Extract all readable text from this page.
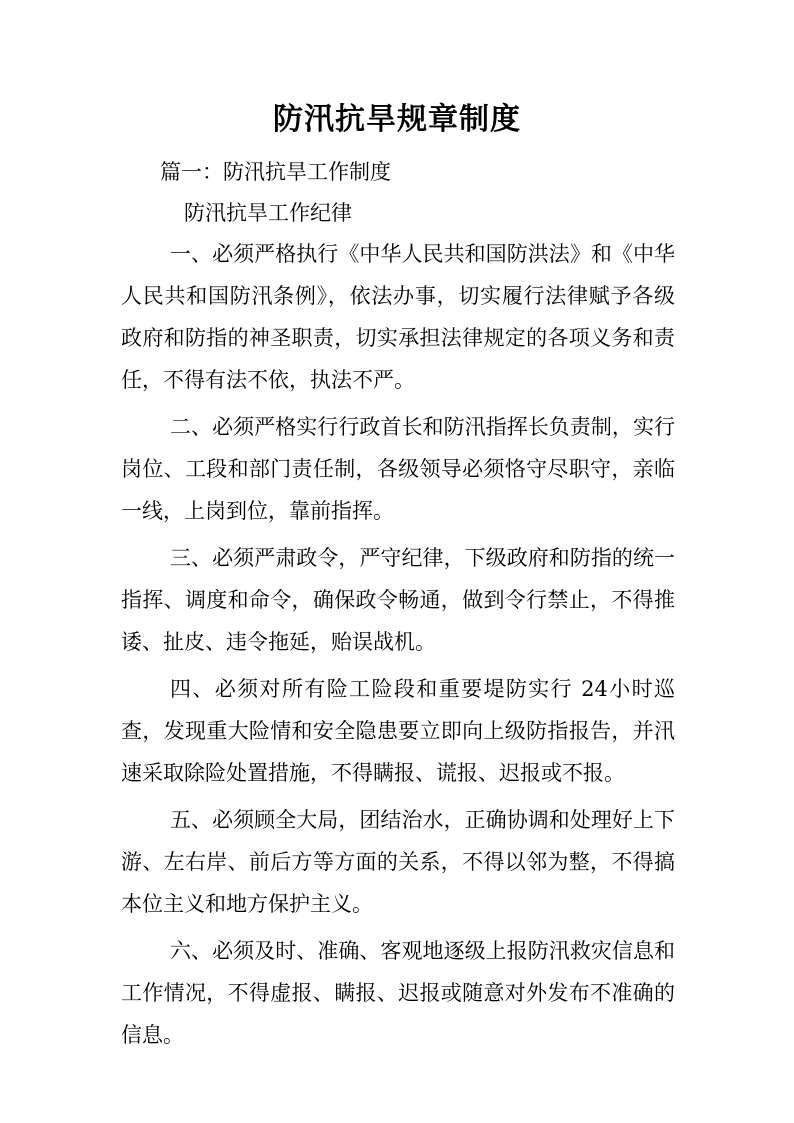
防汛抗旱规章制度
篇一：防汛抗旱工作制度
防汛抗旱工作纪律

一、必须严格执行《中华人民共和国防洪法》和《中华人民共和国防汛条例》，依法办事，切实履行法律赋予各级政府和防指的神圣职责，切实承担法律规定的各项义务和责任，不得有法不依，执法不严。

二、必须严格实行行政首长和防汛指挥长负责制，实行岗位、工段和部门责任制，各级领导必须恪守尽职守，亲临一线，上岗到位，靠前指挥。

三、必须严肃政令，严守纪律，下级政府和防指的统一指挥、调度和命令，确保政令畅通，做到令行禁止，不得推诿、扯皮、违令拖延，贻误战机。

四、必须对所有险工险段和重要堤防实行 24小时巡查，发现重大险情和安全隐患要立即向上级防指报告，并汛速采取除险处置措施，不得瞒报、谎报、迟报或不报。

五、必须顾全大局，团结治水，正确协调和处理好上下游、左右岸、前后方等方面的关系，不得以邻为整，不得搞本位主义和地方保护主义。

六、必须及时、准确、客观地逐级上报防汛救灾信息和工作情况，不得虚报、瞒报、迟报或随意对外发布不准确的信息。
